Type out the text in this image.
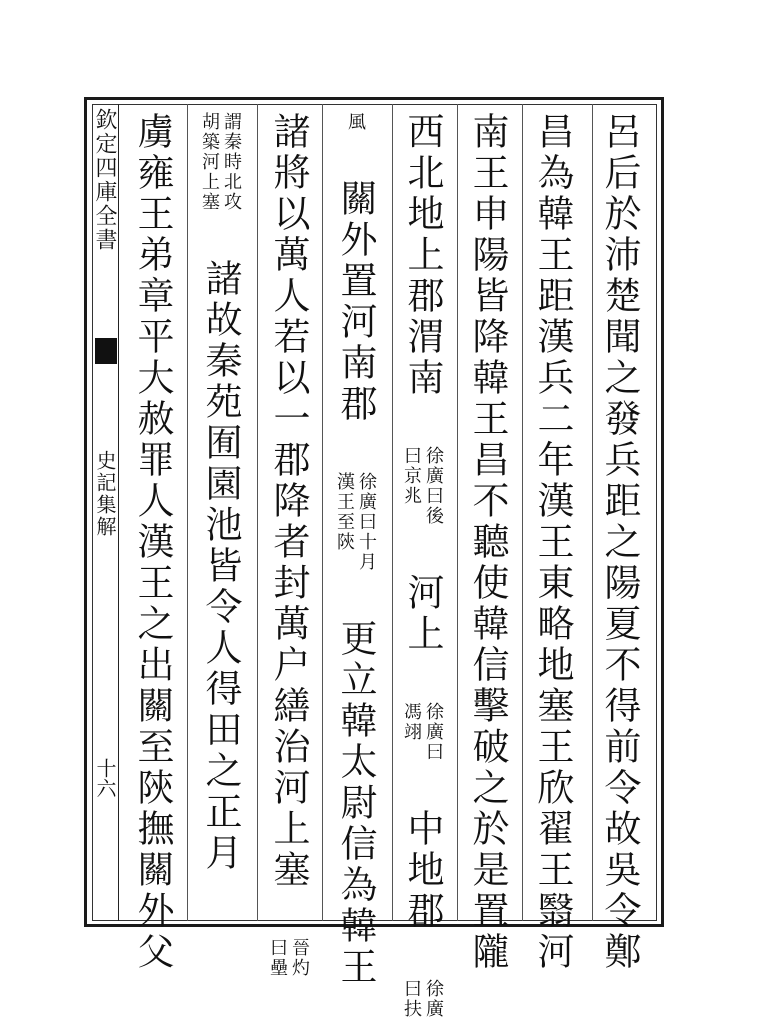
欽定四庫全書
史記集解
十六	呂后於沛楚聞之發兵距之陽夏不得前令故吳令鄭
昌為韓王距漢兵二年漢王東略地塞王欣翟王翳河
南王申陽皆降韓王昌不聽使韓信擊破之於是置隴
西北地上郡渭南
徐廣曰後
曰京兆
河上
徐廣曰
馮翊
中地郡
徐廣
曰扶
風 關外置河南郡
徐廣曰十月
漢王至陝
更立韓太尉信為韓王
諸將以萬人若以一郡降者封萬户繕治河上塞
晉灼
曰壘
謂秦時北攻
胡築河上塞
諸故秦苑囿園池皆令人得田之正月
虜雍王弟章平大赦罪人漢王之出關至陝撫關外父
